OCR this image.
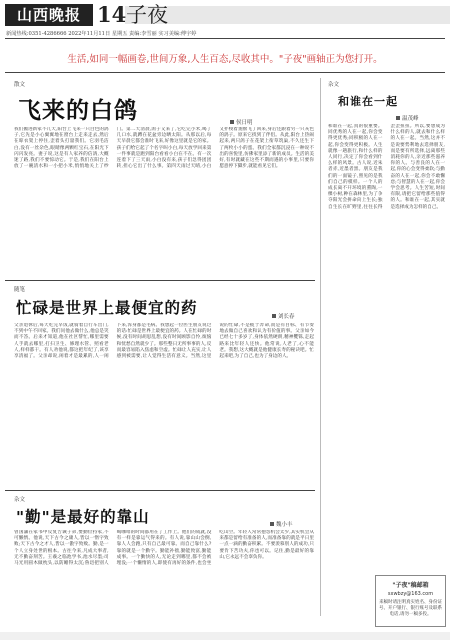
山西晚报 14 子夜
新闻热线:0351-4286666 2022年11月11日 星期五 责编:李雪丽 实习美编:傅宇婷
生活,如同一幅画卷,世间万象,人生百态,尽收其中。"子夜"画轴正为您打开。
散文
飞来的白鸽	侯日明
我们搬进新家不几天,阳台上飞来一只白色的鸽子,它先是小心翼翼地在窗台上走来走去,然后在晾衣架上停住,歪着头打量我们。它羽毛洁白,没有一丝杂色,眼睛像两颗红宝石,在阳光下闪闪发亮。妻子说,这是有人家养的信鸽,大概迷了路,我们不要惊动它。于是,我们在阳台上放了一碗清水和一小把小米,悄悄地关上了纱门。第二天清晨,鸽子又来了,它吃完小米,喝了几口水,就蹲在花盆旁边晒太阳。从那以后,每天早晨它都会准时飞来,好像这里就是它的家。孩子们给它起了个名字叫小白,每天放学回来第一件事就是跑到阳台看看小白在不在。有一次连着下了三天雨,小白没有来,孩子们急得团团转,担心它出了什么事。第四天雨过天晴,小白又扑棱着翅膀飞了回来,身后还跟着另一只灰色的鸽子。原来它找到了伴侣。从此,阳台上热闹起来,两只鸽子在花架上衔草筑巢,不久还生下了两枚小小的蛋。我们全家都沉浸在一种说不出的喜悦里,仿佛家里添了新的成员。生活的美好,有时就藏在这些不期而遇的小事里,只要你愿意停下脚步,就能看见它们。
杂文
和谁在一起
温茂峰
和谁在一起,真的很重要。同优秀的人在一起,你会变得更优秀;同积极的人在一起,你会变得更积极。人生就像一趟旅行,和什么样的人同行,决定了你会看到什么样的风景。古人说,近朱者赤,近墨者黑。朋友是我们的一面镜子,照见的是我们自己的模样。一个人的成长离不开环境的熏陶,一棵小树,种在森林里,为了争夺阳光会拼命向上生长;独自生长在旷野里,往往长得歪歪扭扭。所以,要想成为什么样的人,就去和什么样的人在一起。当然,这并不是说要势利地去选择朋友,而是要有所选择,远离那些消耗你的人,亲近那些滋养你的人。与善良的人在一起,你的心会变得柔软;与勤奋的人在一起,你会不敢懈怠;与智慧的人在一起,你会学会思考。人生苦短,时间有限,请把它留给那些值得的人。和谁在一起,其实就是选择成为怎样的自己。
随笔
忙碌是世界上最便宜的药	刘长春
父亲退休后,每天吃完早饭,就骑着自行车出门,不到中午不回家。我们问他去做什么,他总是笑而不答。后来才知道,他在社区帮忙,哪里需要人手就去哪里,打扫卫生、修理水管、照看老人,样样都干。有人劝他说,都这把年纪了,该享享清福了。父亲却说,闲着才是最累的,人一闲下来,浑身都是毛病。我想起一位医生朋友说过的话:忙碌是世界上最便宜的药。人在忙碌的时候,没有时间胡思乱想,没有时间顾影自怜,烦恼和忧愁自然就少了。那些整日无所事事的人,反而最容易陷入焦虑和空虚。忙碌让人充实,让人感到被需要,让人觉得生活有意义。当然,这里说的忙碌,不是疲于奔命,而是有目标、有节奏地去做自己喜欢和认为有价值的事。父亲如今已经七十多岁了,身体依然硬朗,精神矍铄,走起路来比年轻人还快。他常说,人老了,心不能老。我想,这大概就是他健康长寿的秘诀吧。忙起来吧,为了自己,也为了身边的人。
杂文
"勤"是最好的靠山	魏小丰
曾国藩在家书中反复告诫子弟,要勤俭持家,不可懒惰。他说,天下古今之庸人,皆以一惰字致败;天下古今之才人,皆以一傲字致败。勤,是一个人立身处世的根本。古往今来,凡成大事者,无不勤奋刻苦。王羲之临池学书,池水尽墨;司马光用圆木做枕头,以防睡得太沉;鲁迅把别人喝咖啡的时间都用在了工作上。他们的成就,没有一样是靠运气得来的。有人说,靠山山会倒,靠人人会跑,只有自己最可靠。而自己靠什么?靠的就是一个勤字。勤能补拙,勤能致富,勤能成事。一个勤快的人,无论走到哪里,都不会被埋没;一个懒惰的人,即使有再好的条件,也会坐吃山空。年轻人常常抱怨机会太少,其实机会从来都是留给有准备的人,而准备靠的就是平日里一点一滴的勤奋积累。不要羡慕别人的成功,只要肯下苦功夫,你也可以。记住,勤是最好的靠山,它永远不会辜负你。
"子夜"稿邮箱
sxwbzy@163.com
来稿时请注明真实姓名、身份证号、开户银行、银行账号及联系电话,请勿一稿多投。
